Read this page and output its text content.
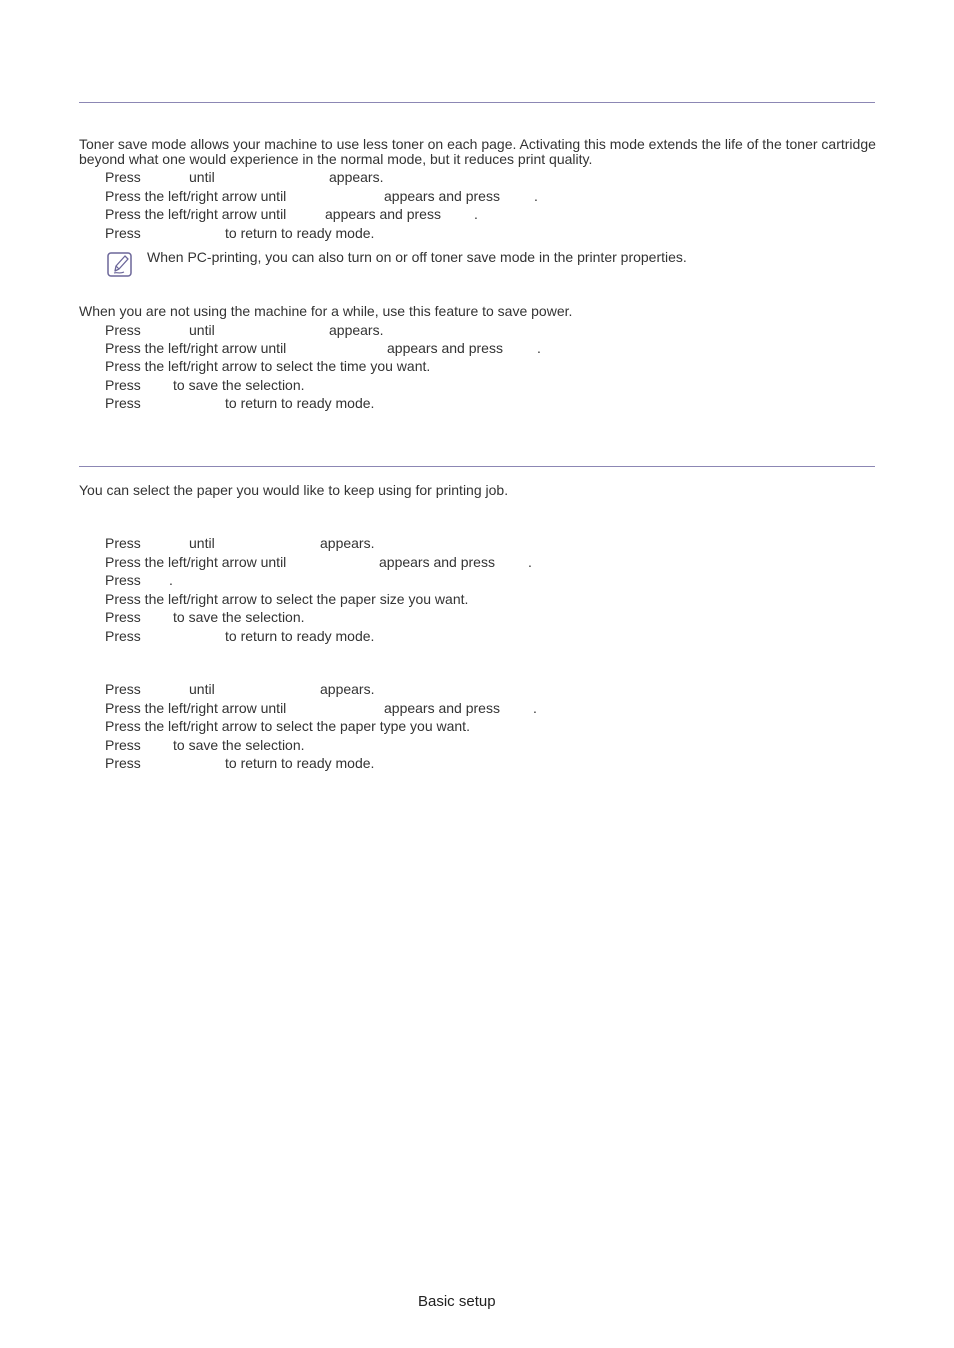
Toner save mode allows your machine to use less toner on each page. Activating this mode extends the life of the toner cartridge beyond what one would experience in the normal mode, but it reduces print quality.
Press	until	appears.
Press the left/right arrow until	appears and press .
Press the left/right arrow until	appears and press .
Press	to return to ready mode.
When PC-printing, you can also turn on or off toner save mode in the printer properties.
When you are not using the machine for a while, use this feature to save power.
Press	until	appears.
Press the left/right arrow until	appears and press .
Press the left/right arrow to select the time you want.
Press to save the selection.
Press	to return to ready mode.
You can select the paper you would like to keep using for printing job.
Press	until	appears.
Press the left/right arrow until	appears and press .
Press .
Press the left/right arrow to select the paper size you want.
Press to save the selection.
Press	to return to ready mode.
Press	until	appears.
Press the left/right arrow until	appears and press .
Press the left/right arrow to select the paper type you want.
Press to save the selection.
Press	to return to ready mode.
Basic setup
